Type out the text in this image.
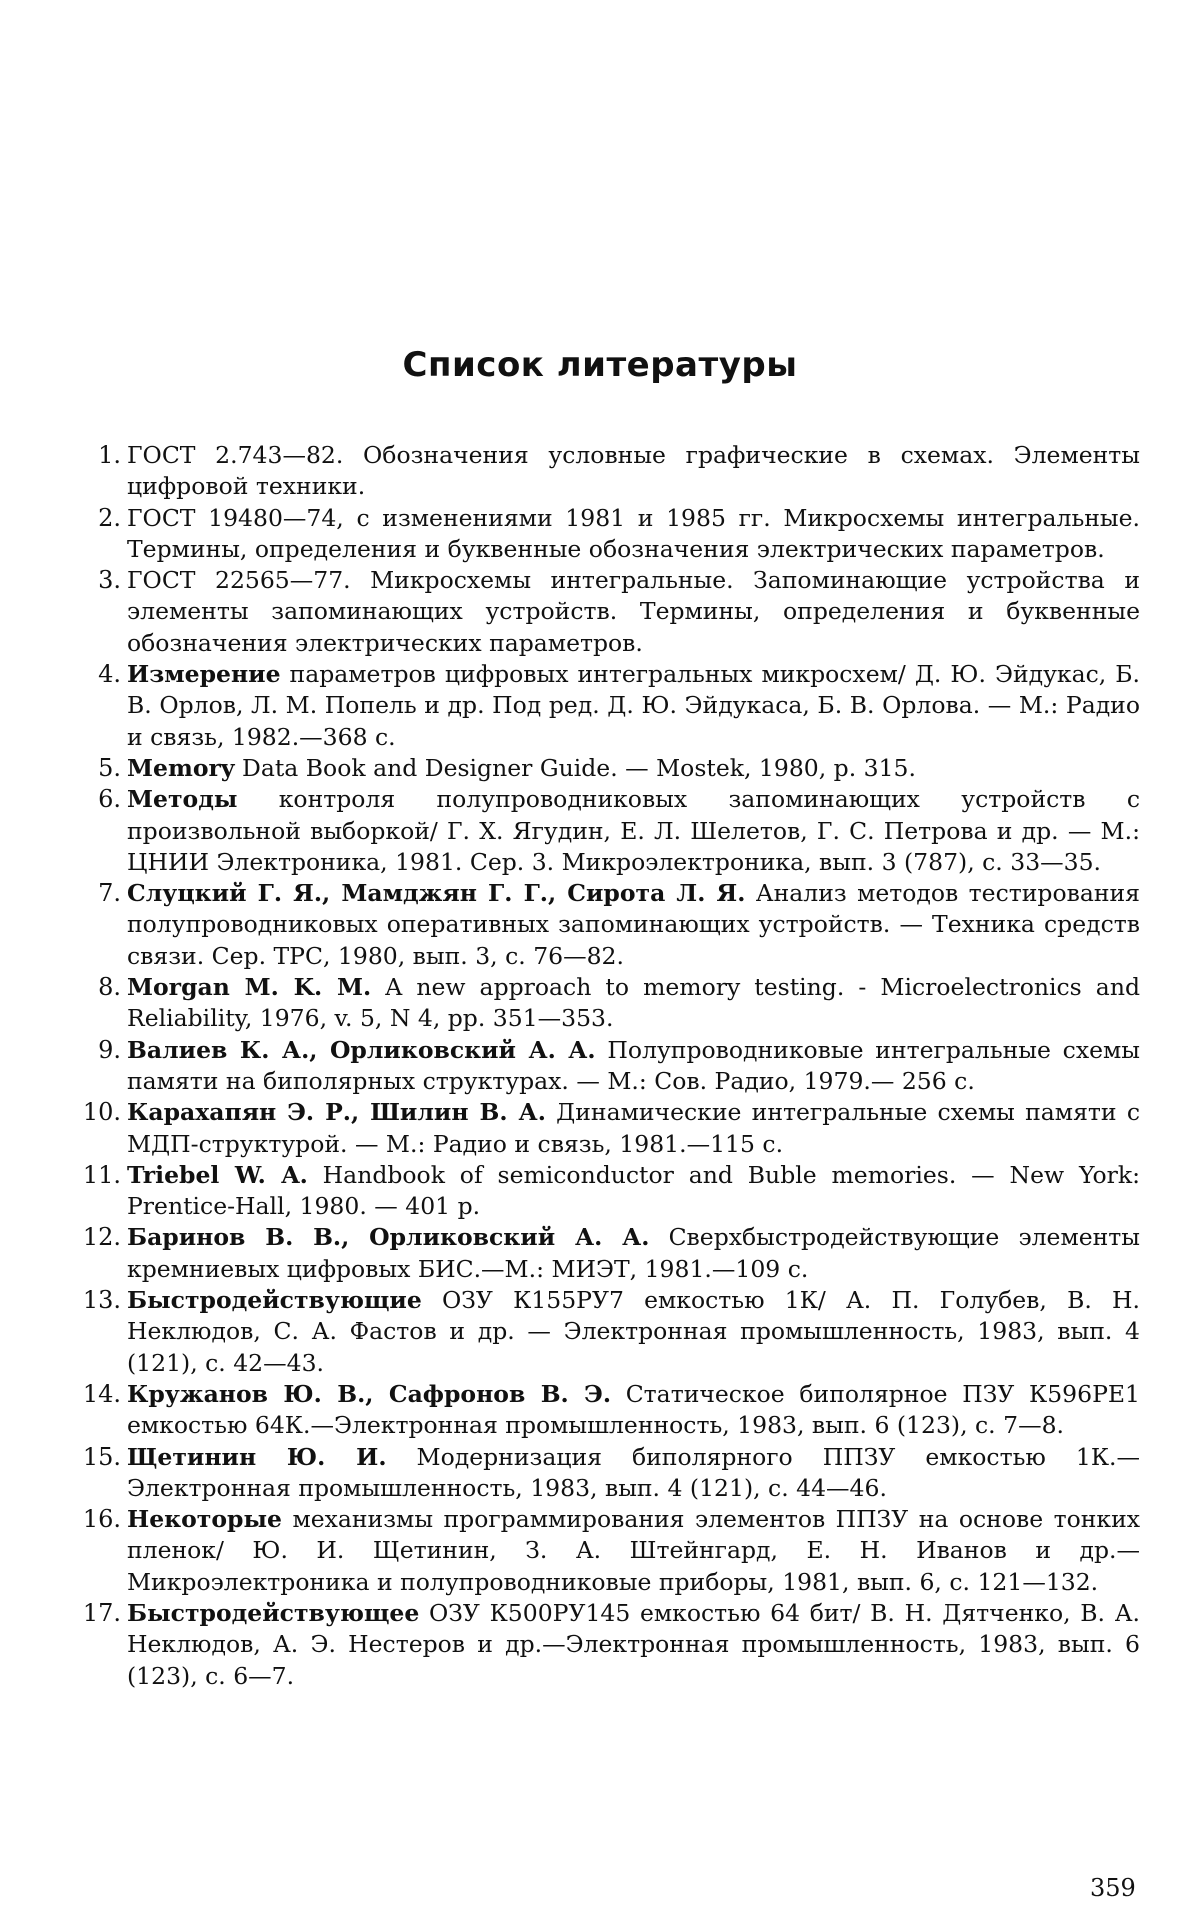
Список литературы
1. ГОСТ 2.743—82. Обозначения условные графические в схемах. Элементы цифровой техники.
2. ГОСТ 19480—74, с изменениями 1981 и 1985 гг. Микросхемы интегральные. Термины, определения и буквенные обозначения электрических параметров.
3. ГОСТ 22565—77. Микросхемы интегральные. Запоминающие устройства и элементы запоминающих устройств. Термины, определения и буквенные обозначения электрических параметров.
4. Измерение параметров цифровых интегральных микросхем/ Д. Ю. Эйдукас, Б. В. Орлов, Л. М. Попель и др. Под ред. Д. Ю. Эйдукаса, Б. В. Орлова. — М.: Радио и связь, 1982.—368 с.
5. Memory Data Book and Designer Guide. — Mostek, 1980, p. 315.
6. Методы контроля полупроводниковых запоминающих устройств с произвольной выборкой/ Г. Х. Ягудин, Е. Л. Шелетов, Г. С. Петрова и др. — М.: ЦНИИ Электроника, 1981. Сер. 3. Микроэлектроника, вып. 3 (787), с. 33—35.
7. Слуцкий Г. Я., Мамджян Г. Г., Сирота Л. Я. Анализ методов тестирования полупроводниковых оперативных запоминающих устройств. — Техника средств связи. Сер. ТРС, 1980, вып. 3, с. 76—82.
8. Morgan M. K. M. A new approach to memory testing. - Microelectronics and Reliability, 1976, v. 5, N 4, pp. 351—353.
9. Валиев К. А., Орликовский А. А. Полупроводниковые интегральные схемы памяти на биполярных структурах. — М.: Сов. Радио, 1979.— 256 с.
10. Карахапян Э. Р., Шилин В. А. Динамические интегральные схемы памяти с МДП-структурой. — М.: Радио и связь, 1981.—115 с.
11. Triebel W. A. Handbook of semiconductor and Buble memories. — New York: Prentice-Hall, 1980. — 401 p.
12. Баринов В. В., Орликовский А. А. Сверхбыстродействующие элементы кремниевых цифровых БИС.—М.: МИЭТ, 1981.—109 с.
13. Быстродействующие ОЗУ К155РУ7 емкостью 1К/ А. П. Голубев, В. Н. Неклюдов, С. А. Фастов и др. — Электронная промышленность, 1983, вып. 4 (121), с. 42—43.
14. Кружанов Ю. В., Сафронов В. Э. Статическое биполярное ПЗУ К596РЕ1 емкостью 64К.—Электронная промышленность, 1983, вып. 6 (123), с. 7—8.
15. Щетинин Ю. И. Модернизация биполярного ППЗУ емкостью 1К.— Электронная промышленность, 1983, вып. 4 (121), с. 44—46.
16. Некоторые механизмы программирования элементов ППЗУ на основе тонких пленок/ Ю. И. Щетинин, З. А. Штейнгард, Е. Н. Иванов и др.— Микроэлектроника и полупроводниковые приборы, 1981, вып. 6, с. 121—132.
17. Быстродействующее ОЗУ К500РУ145 емкостью 64 бит/ В. Н. Дятченко, В. А. Неклюдов, А. Э. Нестеров и др.—Электронная промышленность, 1983, вып. 6 (123), с. 6—7.
359
